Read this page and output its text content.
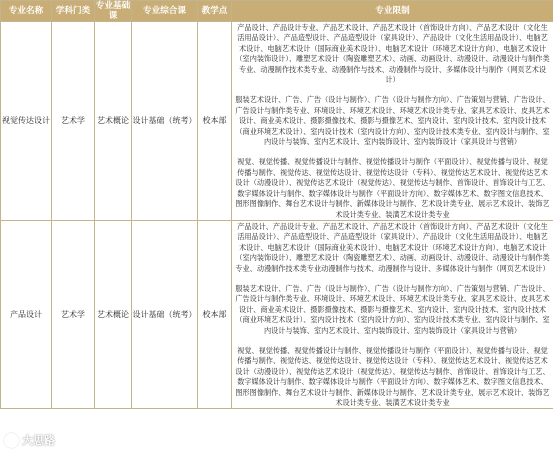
专业名称	学科门类	专业基础课	专业综合课	教学点	专业限制

视觉传达设计	艺术学	艺术概论	设计基础（统考）	校本部	产品设计、产品设计专业、产品艺术设计、产品艺术设计（首饰设计方向）、产品艺术设计（文化生活用品设计）、产品造型设计、产品造型设计（家具设计）、产品设计（文化生活用品设计）、电脑艺术设计、电脑艺术设计（国际商业美术设计）、电脑艺术设计（环境艺术设计方向）、电脑艺术设计（室内装饰设计）、雕塑艺术设计（陶瓷雕塑艺术）、动画、动画设计、动漫设计、动漫设计与制作类专业、动漫制作技术类专业、动漫制作与技术、动漫制作与设计、多媒体设计与制作（网页艺术设计）
服装艺术设计、广告、广告（设计与制作）、广告（设计与制作方向）、广告策划与营销、广告设计、广告设计与制作类专业、环境设计、环境艺术设计、环境艺术设计类专业、家具艺术设计、皮具艺术设计、商业美术设计、摄影摄像技术、摄影与摄像艺术、室内设计、室内设计技术、室内设计技术（商业环境艺术设计）、室内设计技术（室内设计方向）、室内设计技术类专业、室内设计与制作、室内设计与装饰、室内艺术设计、室内装饰设计、室内装饰设计（家具设计与营销）
视觉、视觉传播、视觉传播设计与制作、视觉传播设计与制作（平面设计）、视觉传播与设计、视觉传播与制作、视觉传达、视觉传达设计、视觉传达设计（专科）、视觉传达艺术设计、视觉传达艺术设计（动漫设计）、视觉传达艺术设计（视觉传达）、视觉传达与制作、首饰设计、首饰设计与工艺、数字媒体设计与制作、数字媒体设计与制作（平面设计方向）、数字媒体艺术、数字图文信息技术、图形图像制作、舞台艺术设计与制作、新媒体设计与制作、艺术设计类专业、展示艺术设计、装饰艺术设计类专业、装潢艺术设计类专业

产品设计	艺术学	艺术概论	设计基础（统考）	校本部	产品设计、产品设计专业、产品艺术设计、产品艺术设计（首饰设计方向）、产品艺术设计（文化生活用品设计）、产品造型设计、产品造型设计（家具设计）、产品设计（文化生活用品设计）、电脑艺术设计、电脑艺术设计（国际商业美术设计）、电脑艺术设计（环境艺术设计方向）、电脑艺术设计（室内装饰设计）、雕塑艺术设计（陶瓷雕塑艺术）、动画、动画设计、动漫设计、动漫设计与制作类专业、动漫制作技术类专业动漫制作与技术、动漫制作与设计、多媒体设计与制作（网页艺术设计）
服装艺术设计、广告、广告（设计与制作）、广告（设计与制作方向）、广告策划与营销、广告设计、广告设计与制作类专业、环境设计、环境艺术设计、环境艺术设计类专业、家具艺术设计、皮具艺术设计、商业美术设计、摄影摄像技术、摄影与摄像艺术、室内设计、室内设计技术、室内设计技术（商业环境艺术设计）、室内设计技术（室内设计方向）、室内设计技术类专业、室内设计与制作、室内设计与装饰、室内艺术设计、室内装饰设计、室内装饰设计（家具设计与营销）
视觉、视觉传播、视觉传播设计与制作、视觉传播设计与制作（平面设计）、视觉传播与设计、视觉传播与制作、视觉传达、视觉传达设计、视觉传达设计（专科）、视觉传达艺术设计、视觉传达艺术设计（动漫设计）、视觉传达艺术设计（视觉传达）、视觉传达与制作、首饰设计、首饰设计与工艺、数字媒体设计与制作、数字媒体设计与制作（平面设计方向）、数字媒体艺术、数字图文信息技术、图形图像制作、舞台艺术设计与制作、新媒体设计与制作、艺术设计类专业、展示艺术设计、装饰艺术设计类专业、装潢艺术设计类专业
大思路
